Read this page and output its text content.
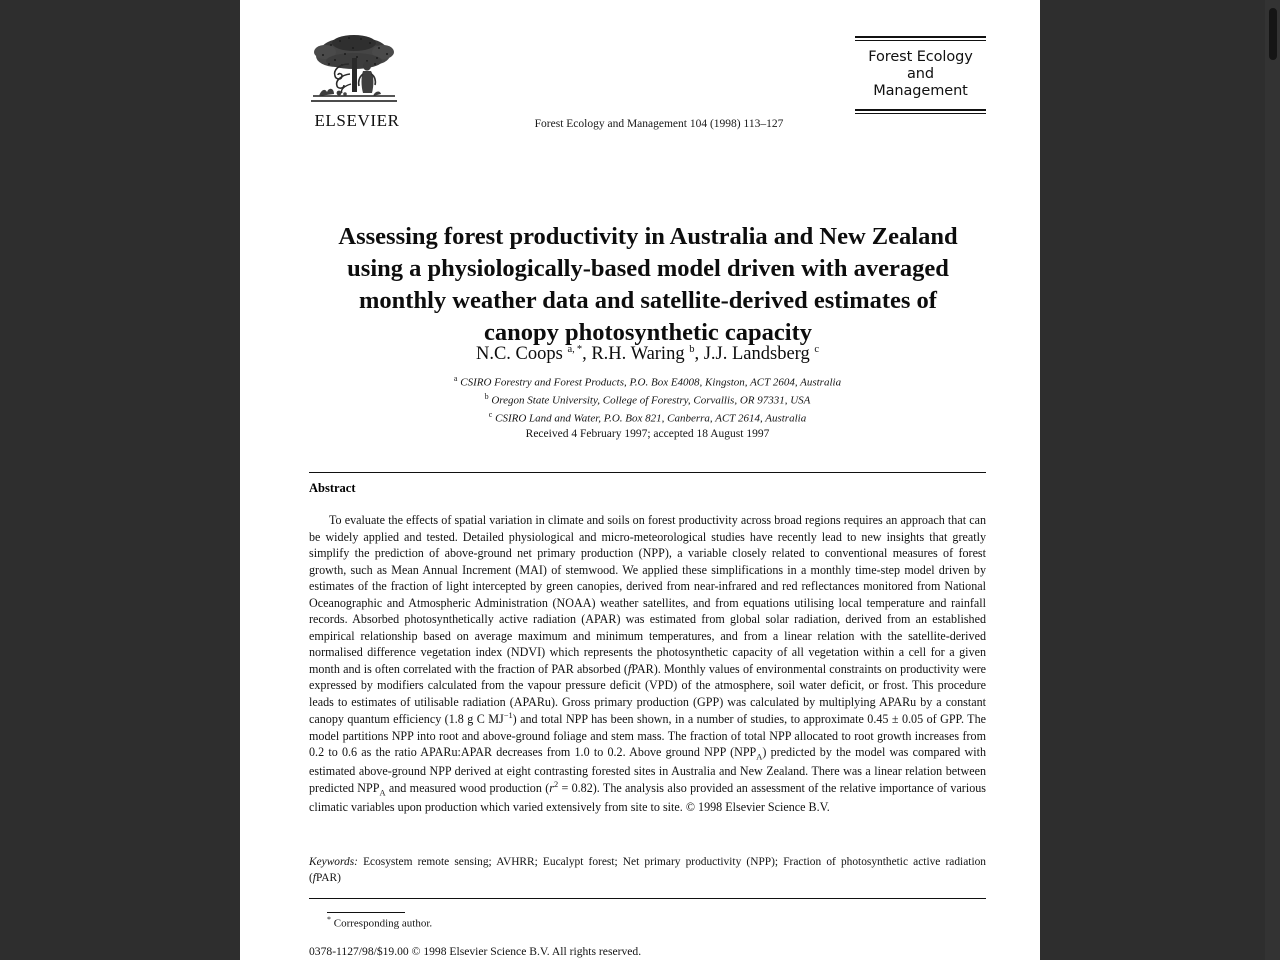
ELSEVIER	Forest Ecology and Management 104 (1998) 113–127
Forest Ecology
and
Management
Assessing forest productivity in Australia and New Zealand using a physiologically-based model driven with averaged monthly weather data and satellite-derived estimates of canopy photosynthetic capacity
N.C. Coops $^{a, *}$, R.H. Waring $^b$, J.J. Landsberg $^c$
$^a$ CSIRO Forestry and Forest Products, P.O. Box E4008, Kingston, ACT 2604, Australia
$^b$ Oregon State University, College of Forestry, Corvallis, OR 97331, USA
$^c$ CSIRO Land and Water, P.O. Box 821, Canberra, ACT 2614, Australia
Received 4 February 1997; accepted 18 August 1997
Abstract
To evaluate the effects of spatial variation in climate and soils on forest productivity across broad regions requires an approach that can be widely applied and tested. Detailed physiological and micro-meteorological studies have recently lead to new insights that greatly simplify the prediction of above-ground net primary production (NPP), a variable closely related to conventional measures of forest growth, such as Mean Annual Increment (MAI) of stemwood. We applied these simplifications in a monthly time-step model driven by estimates of the fraction of light intercepted by green canopies, derived from near-infrared and red reflectances monitored from National Oceanographic and Atmospheric Administration (NOAA) weather satellites, and from equations utilising local temperature and rainfall records. Absorbed photosynthetically active radiation (APAR) was estimated from global solar radiation, derived from an established empirical relationship based on average maximum and minimum temperatures, and from a linear relation with the satellite-derived normalised difference vegetation index (NDVI) which represents the photosynthetic capacity of all vegetation within a cell for a given month and is often correlated with the fraction of PAR absorbed (fPAR). Monthly values of environmental constraints on productivity were expressed by modifiers calculated from the vapour pressure deficit (VPD) of the atmosphere, soil water deficit, or frost. This procedure leads to estimates of utilisable radiation (APARu). Gross primary production (GPP) was calculated by multiplying APARu by a constant canopy quantum efficiency (1.8 g C $MJ^{-1}$) and total NPP has been shown, in a number of studies, to approximate 0.45 ± 0.05 of GPP. The model partitions NPP into root and above-ground foliage and stem mass. The fraction of total NPP allocated to root growth increases from 0.2 to 0.6 as the ratio APARu:APAR decreases from 1.0 to 0.2. Above ground NPP $(NPP_A)$ predicted by the model was compared with estimated above-ground NPP derived at eight contrasting forested sites in Australia and New Zealand. There was a linear relation between predicted $NPP_A$ and measured wood production $(r^2 = 0.82)$. The analysis also provided an assessment of the relative importance of various climatic variables upon production which varied extensively from site to site. © 1998 Elsevier Science B.V.
Keywords: Ecosystem remote sensing; AVHRR; Eucalypt forest; Net primary productivity (NPP); Fraction of photosynthetic active radiation (fPAR)
* Corresponding author.
0378-1127/98/$19.00 © 1998 Elsevier Science B.V. All rights reserved.
